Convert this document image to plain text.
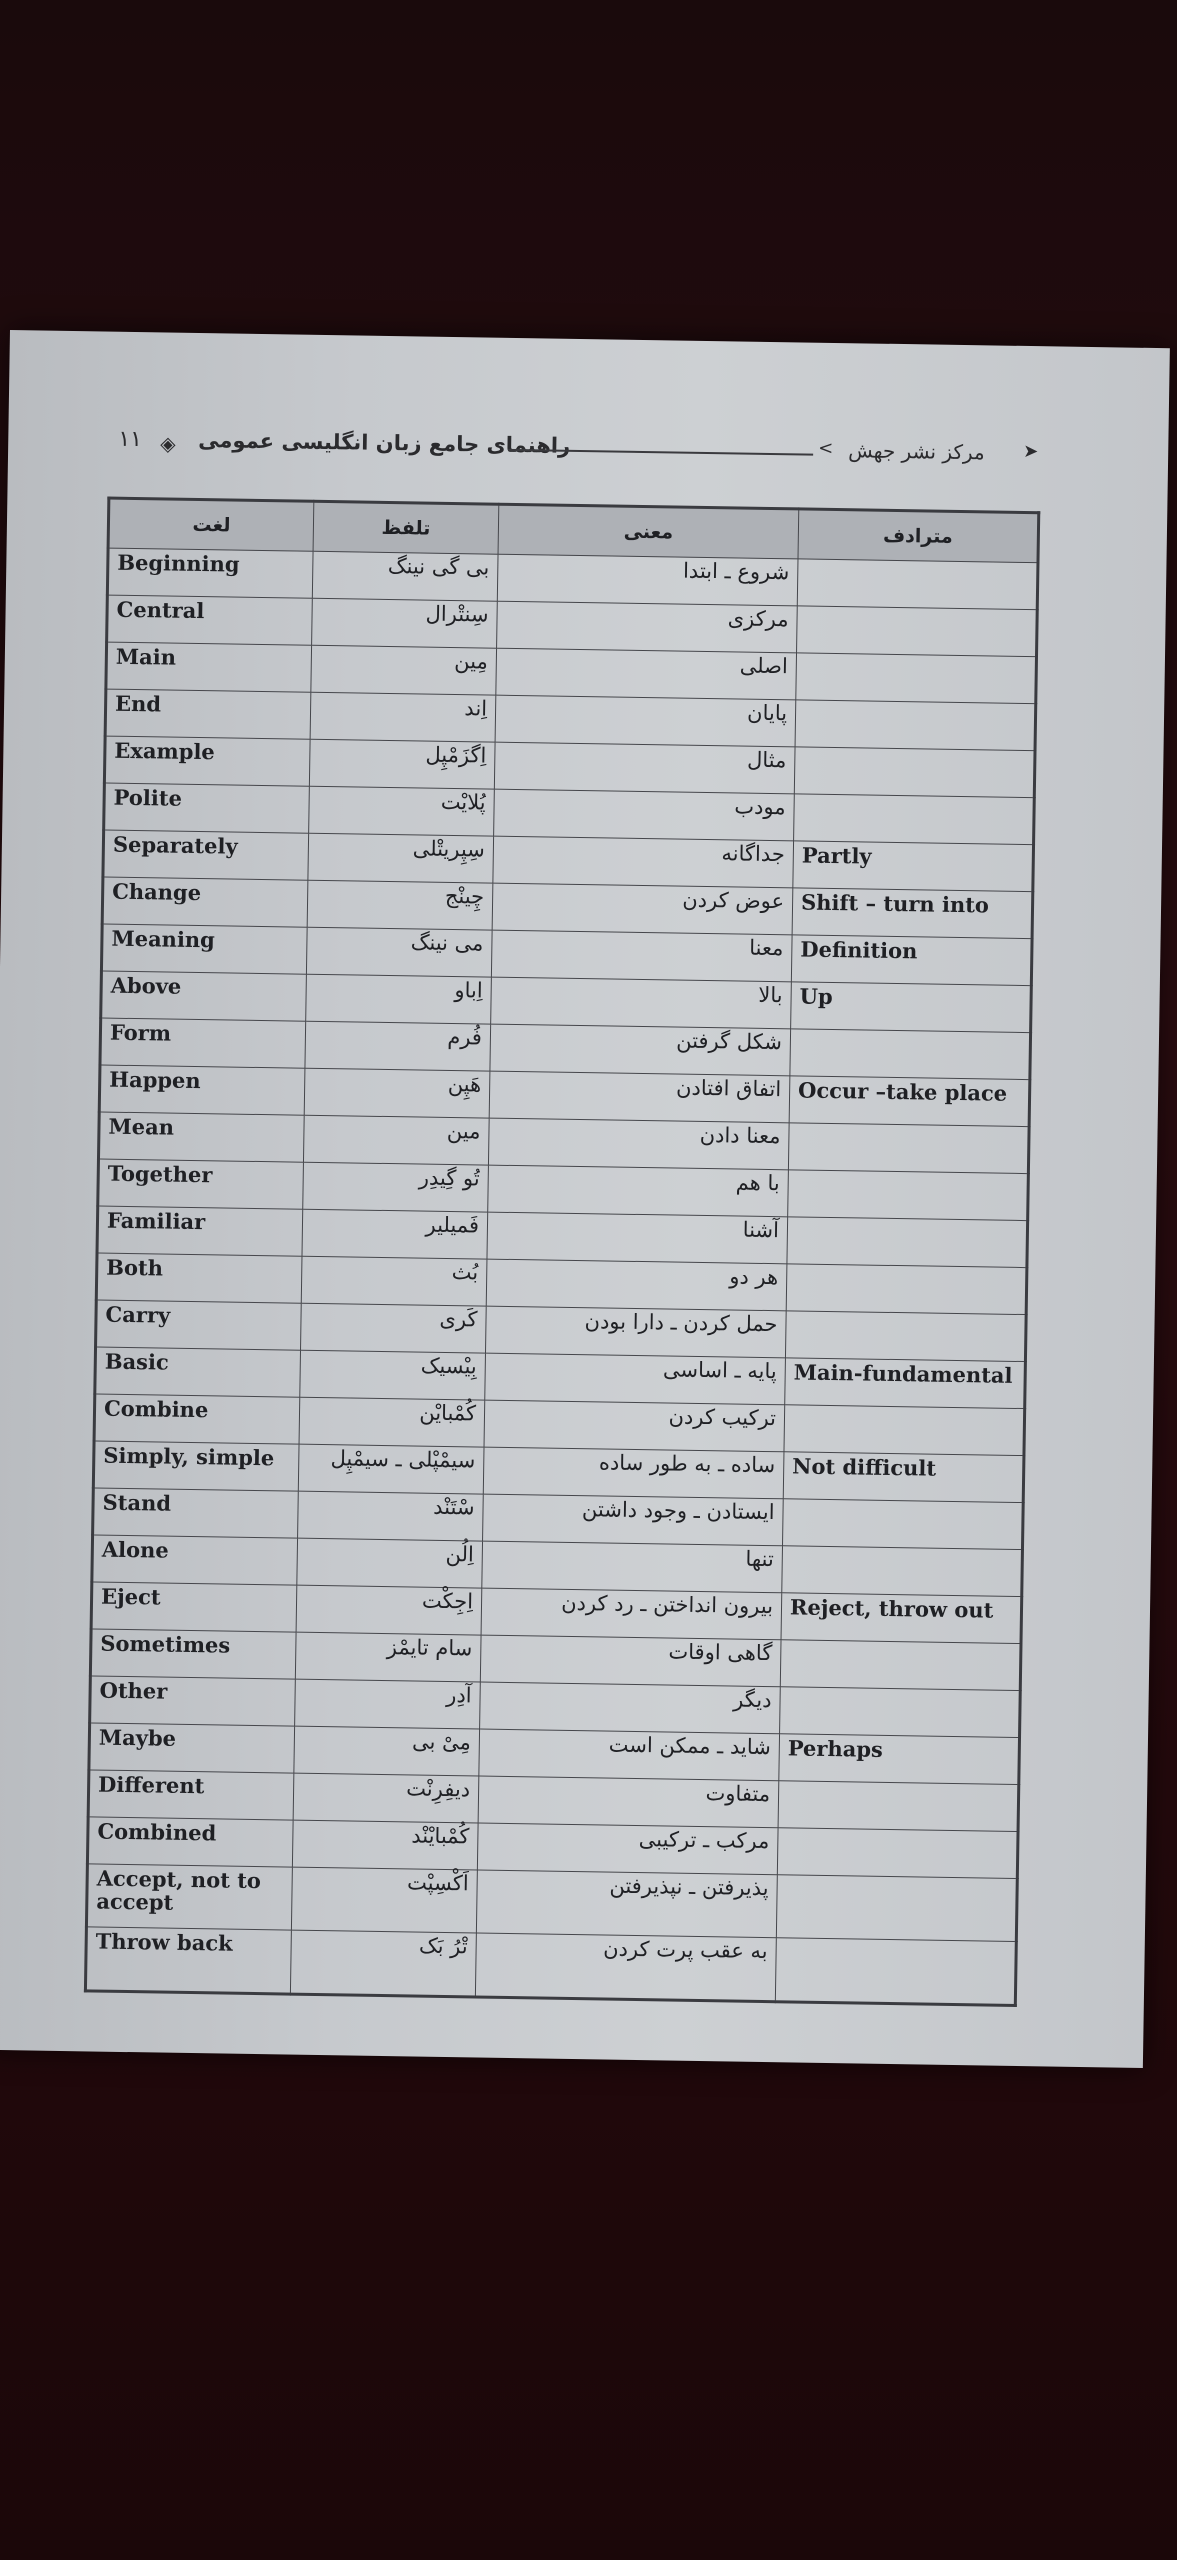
۱۱ ◈ راهنمای جامع زبان انگلیسی عمومی	< مرکز نشر جهش ➤
لغت	تلفظ	معنی	مترادف
Beginning	بی گی نینگ	شروع ـ ابتدا	
Central	سِنتْرال	مرکزی	
Main	مِین	اصلی	
End	اِند	پایان	
Example	اِگزَمْپِل	مثال	
Polite	پُلایْت	مودب	
Separately	سِپِریتْلی	جداگانه	Partly
Change	چِینْج	عوض کردن	Shift – turn into
Meaning	می نینگ	معنا	Definition
Above	اِباو	بالا	Up
Form	فُرم	شکل گرفتن	
Happen	هَپِن	اتفاق افتادن	Occur –take place
Mean	مین	معنا دادن	
Together	تُو گِیدِر	با هم	
Familiar	فَمیلیر	آشنا	
Both	بُث	هر دو	
Carry	کَری	حمل کردن ـ دارا بودن	
Basic	بِیْسیک	پایه ـ اساسی	Main-fundamental
Combine	کُمْبایْن	ترکیب کردن	
Simply, simple	سیمْپْلی ـ سیمْپِل	ساده ـ به طور ساده	Not difficult
Stand	سْتَنْد	ایستادن ـ وجود داشتن	
Alone	اِلُن	تنها	
Eject	اِجِکْت	بیرون انداختن ـ رد کردن	Reject, throw out
Sometimes	سام تایمْز	گاهی اوقات	
Other	آدِر	دیگر	
Maybe	مِیْ بی	شاید ـ ممکن است	Perhaps
Different	دیفِرِنْت	متفاوت	
Combined	کُمْبایْنْد	مرکب ـ ترکیبی	
Accept, not to accept	اَکْسِپْت	پذیرفتن ـ نپذیرفتن	
Throw back	تْرُ بَک	به عقب پرت کردن	
